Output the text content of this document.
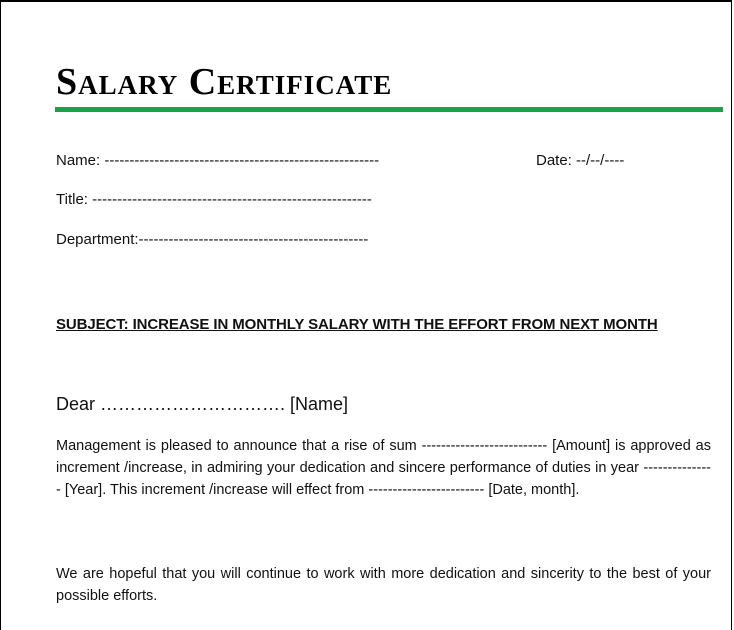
Salary Certificate
Name: -------------------------------------------------------	Date: --/--/----
Title: --------------------------------------------------------
Department:----------------------------------------------
SUBJECT: INCREASE IN MONTHLY SALARY WITH THE EFFORT FROM NEXT MONTH
Dear …………………………. [Name]

Management is pleased to announce that a rise of sum -------------------------- [Amount] is approved as increment /increase, in admiring your dedication and sincere performance of duties in year --------------- [Year]. This increment /increase will effect from ------------------------ [Date, month].

We are hopeful that you will continue to work with more dedication and sincerity to the best of your possible efforts.
